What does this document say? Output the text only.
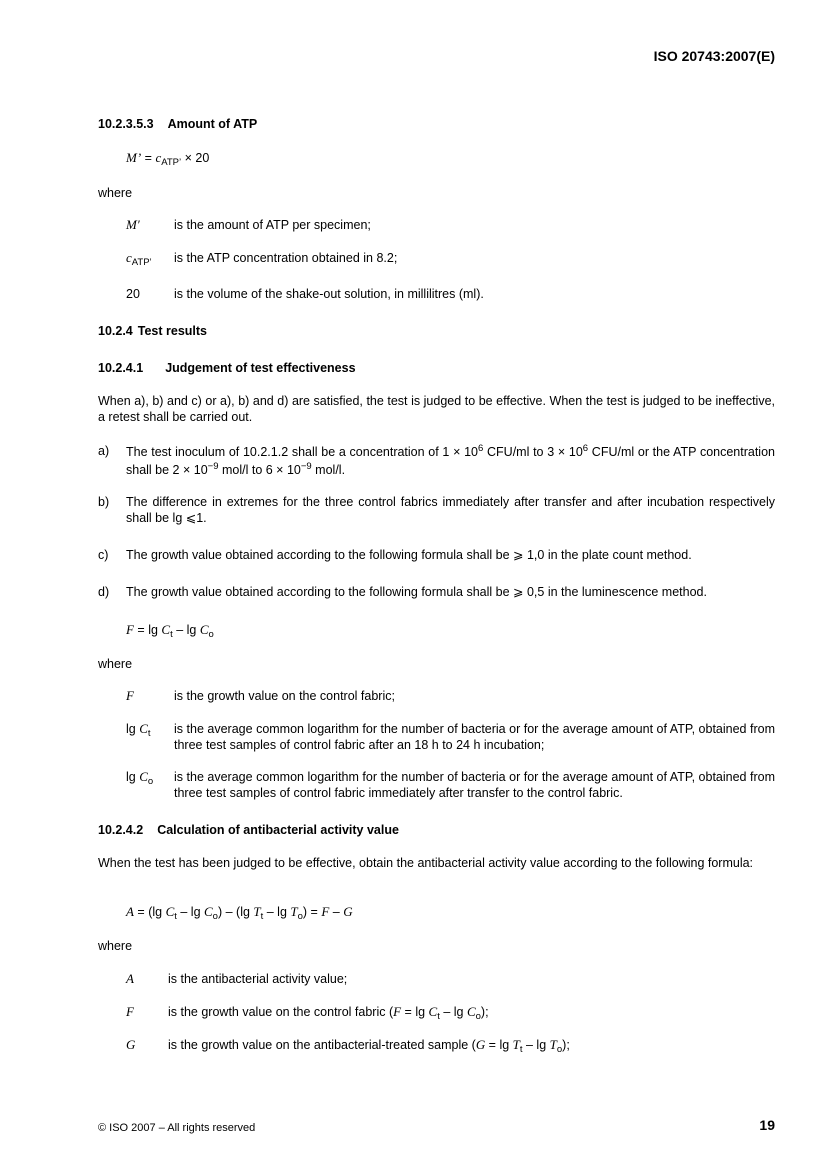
ISO 20743:2007(E)
10.2.3.5.3 Amount of ATP
M’ = $c_{ATP’} \times 20$
where
M′	is the amount of ATP per specimen;
$c_{ATP’}$ is the ATP concentration obtained in 8.2;
20	is the volume of the shake-out solution, in millilitres (ml).
10.2.4 Test results
10.2.4.1 Judgement of test effectiveness
When a), b) and c) or a), b) and d) are satisfied, the test is judged to be effective. When the test is judged to be ineffective, a retest shall be carried out.
a) The test inoculum of 10.2.1.2 shall be a concentration of $1 \times 10^6$ CFU/ml to $3 \times 10^6$ CFU/ml or the ATP concentration shall be $2 \times 10^{-9}$ mol/l to $6 \times 10^{-9}$ mol/l.
b) The difference in extremes for the three control fabrics immediately after transfer and after incubation respectively shall be lg ⩽1.
c) The growth value obtained according to the following formula shall be ⩾ 1,0 in the plate count method.
d) The growth value obtained according to the following formula shall be ⩾ 0,5 in the luminescence method.
$F = \lg C_t - \lg C_o$
where
F	is the growth value on the control fabric;
$\lg C_t$ is the average common logarithm for the number of bacteria or for the average amount of ATP, obtained from three test samples of control fabric after an 18 h to 24 h incubation;
$\lg C_o$ is the average common logarithm for the number of bacteria or for the average amount of ATP, obtained from three test samples of control fabric immediately after transfer to the control fabric.
10.2.4.2 Calculation of antibacterial activity value
When the test has been judged to be effective, obtain the antibacterial activity value according to the following formula:
A = (lg $C_t$ – $\lg C_o) - (\lg$ $T_t - \lg T_o) = F - G$
where
A	is the antibacterial activity value;
F	is the growth value on the control fabric $(F = \lg C_t - \lg C_o)$;
G	is the growth value on the antibacterial-treated sample $(G = \lg T_t - \lg T_o)$;
© ISO 2007 – All rights reserved	19
